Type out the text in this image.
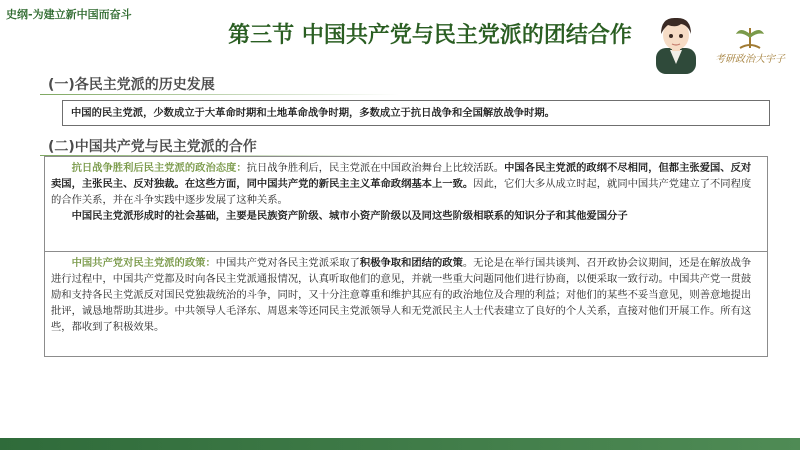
史纲-为建立新中国而奋斗
第三节 中国共产党与民主党派的团结合作
考研政治大宇子
(一)各民主党派的历史发展
中国的民主党派，少数成立于大革命时期和土地革命战争时期，多数成立于抗日战争和全国解放战争时期。
(二)中国共产党与民主党派的合作

抗日战争胜利后民主党派的政治态度：抗日战争胜利后，民主党派在中国政治舞台上比较活跃。中国各民主党派的政纲不尽相同，但都主张爱国、反对卖国，主张民主、反对独裁。在这些方面，同中国共产党的新民主主义革命政纲基本上一致。因此，它们大多从成立时起，就同中国共产党建立了不同程度的合作关系，并在斗争实践中逐步发展了这种关系。

中国民主党派形成时的社会基础，主要是民族资产阶级、城市小资产阶级以及同这些阶级相联系的知识分子和其他爱国分子

中国共产党对民主党派的政策：中国共产党对各民主党派采取了积极争取和团结的政策。无论是在举行国共谈判、召开政协会议期间，还是在解放战争进行过程中，中国共产党都及时向各民主党派通报情况，认真听取他们的意见，并就一些重大问题同他们进行协商，以便采取一致行动。中国共产党一贯鼓励和支持各民主党派反对国民党独裁统治的斗争，同时，又十分注意尊重和维护其应有的政治地位及合理的利益；对他们的某些不妥当意见，则善意地提出批评，诚恳地帮助其进步。中共领导人毛泽东、周恩来等还同民主党派领导人和无党派民主人士代表建立了良好的个人关系，直接对他们开展工作。所有这些，都收到了积极效果。
